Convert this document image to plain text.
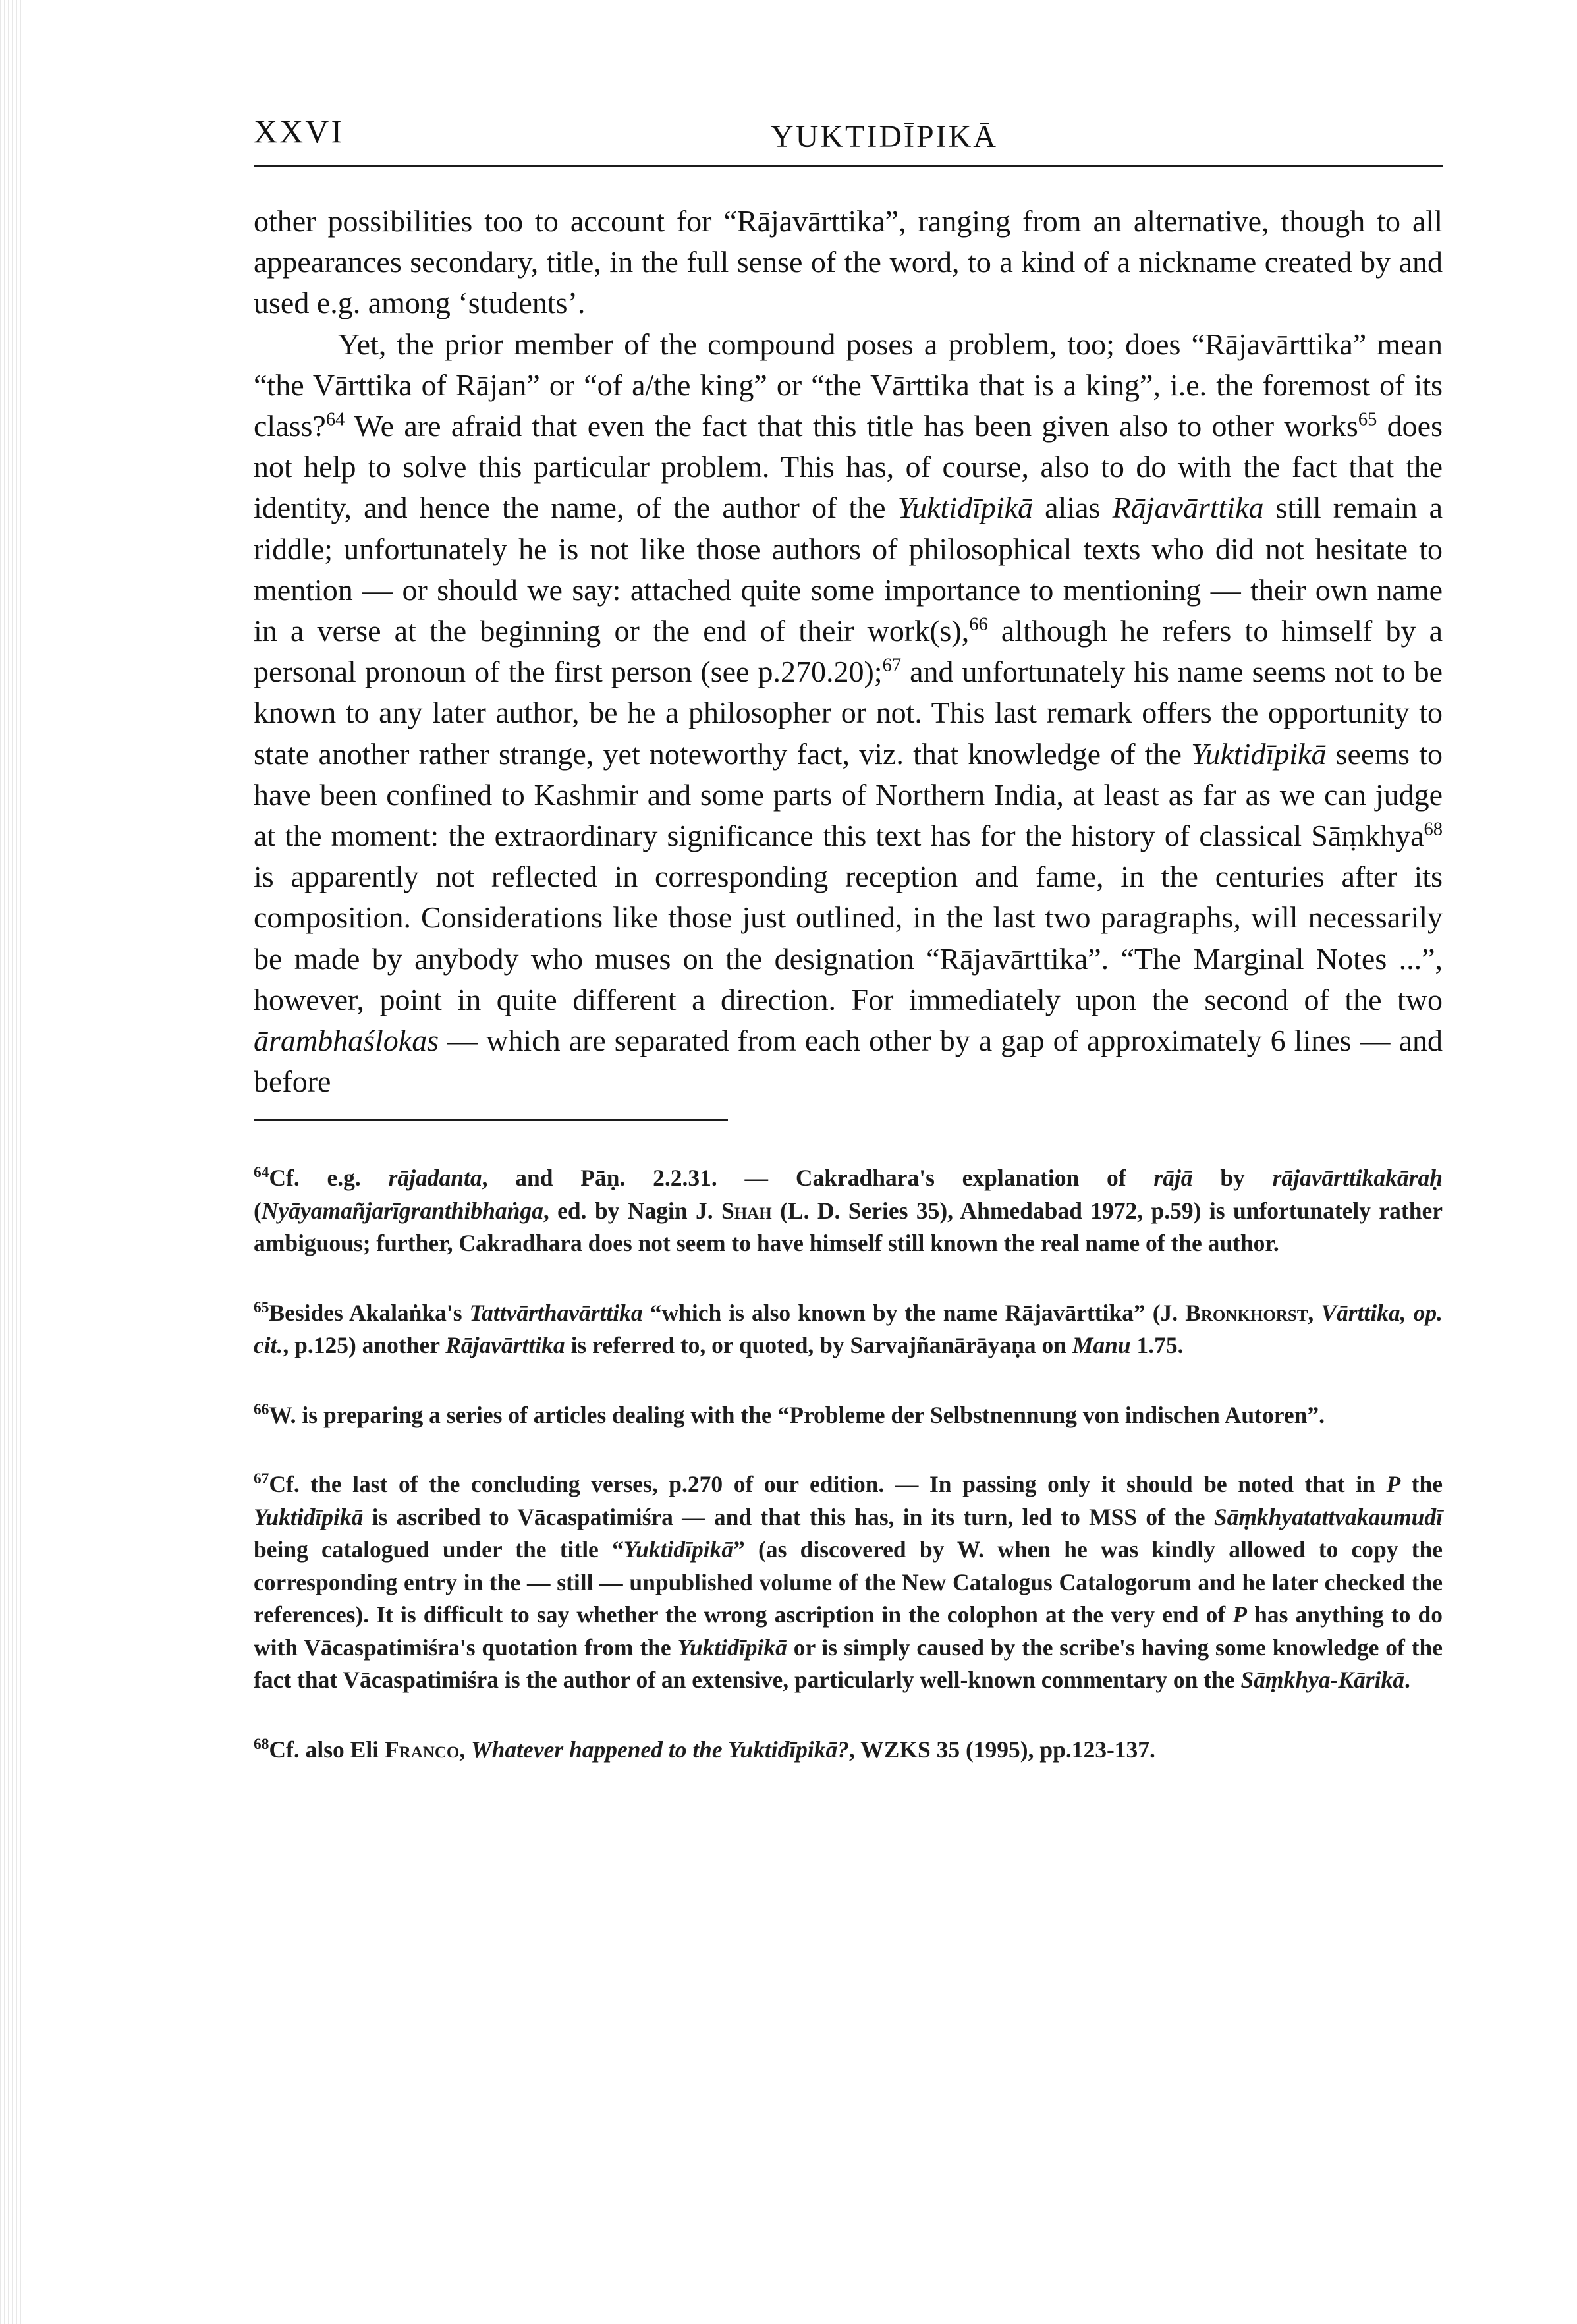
XXVI	YUKTIDĪPIKĀ

other possibilities too to account for “Rājavārttika”, ranging from an alternative, though to all appearances secondary, title, in the full sense of the word, to a kind of a nickname created by and used e.g. among ‘students’.

Yet, the prior member of the compound poses a problem, too; does “Rājavārttika” mean “the Vārttika of Rājan” or “of a/the king” or “the Vārttika that is a king”, i.e. the foremost of its class?$^{64}$ We are afraid that even the fact that this title has been given also to other works$^{65}$ does not help to solve this particular problem. This has, of course, also to do with the fact that the identity, and hence the name, of the author of the Yuktidīpikā alias Rājavārttika still remain a riddle; unfortunately he is not like those authors of philosophical texts who did not hesitate to mention — or should we say: attached quite some importance to mentioning — their own name in a verse at the beginning or the end of their work(s),$^{66}$ although he refers to himself by a personal pronoun of the first person (see p.270.20);$^{67}$ and unfortunately his name seems not to be known to any later author, be he a philosopher or not. This last remark offers the opportunity to state another rather strange, yet noteworthy fact, viz. that knowledge of the Yuktidīpikā seems to have been confined to Kashmir and some parts of Northern India, at least as far as we can judge at the moment: the extraordinary significance this text has for the history of classical Sāṃkhya$^{68}$ is apparently not reflected in corresponding reception and fame, in the centuries after its composition. Considerations like those just outlined, in the last two paragraphs, will necessarily be made by anybody who muses on the designation “Rājavārttika”. “The Marginal Notes ...”, however, point in quite different a direction. For immediately upon the second of the two ārambhaślokas — which are separated from each other by a gap of approximately 6 lines — and before

$^{64}$Cf. e.g. rājadanta, and Pāṇ. 2.2.31. — Cakradhara's explanation of rājā by rājavārttikakāraḥ (Nyāyamañjarīgranthibhaṅga, ed. by Nagin J. Shah (L. D. Series 35), Ahmedabad 1972, p.59) is unfortunately rather ambiguous; further, Cakradhara does not seem to have himself still known the real name of the author.

$^{65}$Besides Akalaṅka's Tattvārthavārttika “which is also known by the name Rājavārttika” (J. Bronkhorst, Vārttika, op. cit., p.125) another Rājavārttika is referred to, or quoted, by Sarvajñanārāyaṇa on Manu 1.75.

$^{66}$W. is preparing a series of articles dealing with the “Probleme der Selbstnennung von indischen Autoren”.

$^{67}$Cf. the last of the concluding verses, p.270 of our edition. — In passing only it should be noted that in P the Yuktidīpikā is ascribed to Vācaspatimiśra — and that this has, in its turn, led to MSS of the Sāṃkhyatattvakaumudī being catalogued under the title “Yuktidīpikā” (as discovered by W. when he was kindly allowed to copy the corresponding entry in the — still — unpublished volume of the New Catalogus Catalogorum and he later checked the references). It is difficult to say whether the wrong ascription in the colophon at the very end of P has anything to do with Vācaspatimiśra's quotation from the Yuktidīpikā or is simply caused by the scribe's having some knowledge of the fact that Vācaspatimiśra is the author of an extensive, particularly well-known commentary on the Sāṃkhya-Kārikā.

$^{68}$Cf. also Eli Franco, Whatever happened to the Yuktidīpikā?, WZKS 35 (1995), pp.123-137.
